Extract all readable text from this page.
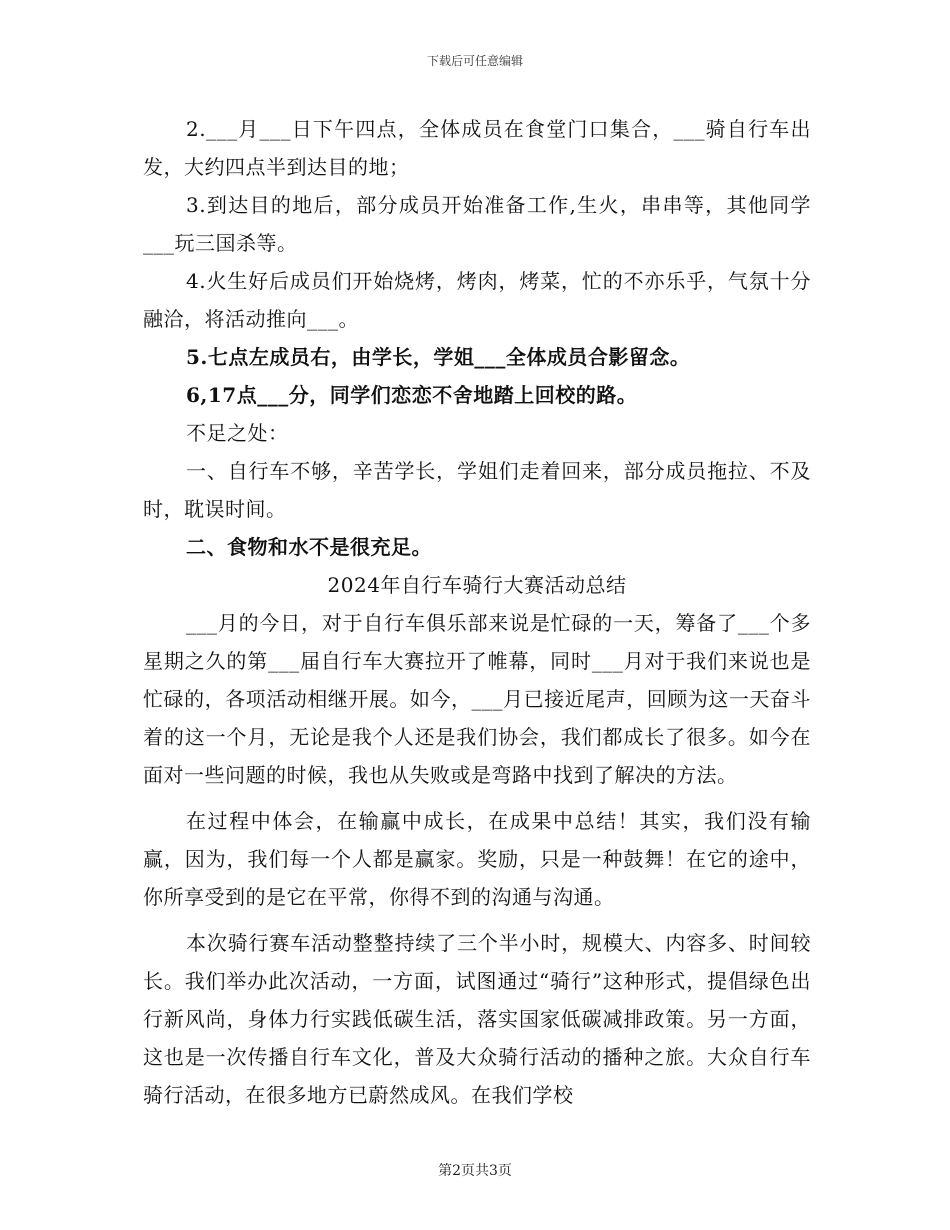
下载后可任意编辑

2.___月___日下午四点，全体成员在食堂门口集合，___骑自行车出发，大约四点半到达目的地；

3.到达目的地后，部分成员开始准备工作,生火，串串等，其他同学___玩三国杀等。

4.火生好后成员们开始烧烤，烤肉，烤菜，忙的不亦乐乎，气氛十分融洽，将活动推向___。

5.七点左成员右，由学长，学姐___全体成员合影留念。

6,17点___分，同学们恋恋不舍地踏上回校的路。

不足之处：

一、自行车不够，辛苦学长，学姐们走着回来，部分成员拖拉、不及时，耽误时间。

二、食物和水不是很充足。

2024年自行车骑行大赛活动总结

___月的今日，对于自行车俱乐部来说是忙碌的一天，筹备了___个多星期之久的第___届自行车大赛拉开了帷幕，同时___月对于我们来说也是忙碌的，各项活动相继开展。如今，___月已接近尾声，回顾为这一天奋斗着的这一个月，无论是我个人还是我们协会，我们都成长了很多。如今在面对一些问题的时候，我也从失败或是弯路中找到了解决的方法。

在过程中体会，在输赢中成长，在成果中总结！其实，我们没有输赢，因为，我们每一个人都是赢家。奖励，只是一种鼓舞！在它的途中，你所享受到的是它在平常，你得不到的沟通与沟通。

本次骑行赛车活动整整持续了三个半小时，规模大、内容多、时间较长。我们举办此次活动，一方面，试图通过“骑行”这种形式，提倡绿色出行新风尚，身体力行实践低碳生活，落实国家低碳减排政策。另一方面，这也是一次传播自行车文化，普及大众骑行活动的播种之旅。大众自行车骑行活动，在很多地方已蔚然成风。在我们学校

第2页共3页
